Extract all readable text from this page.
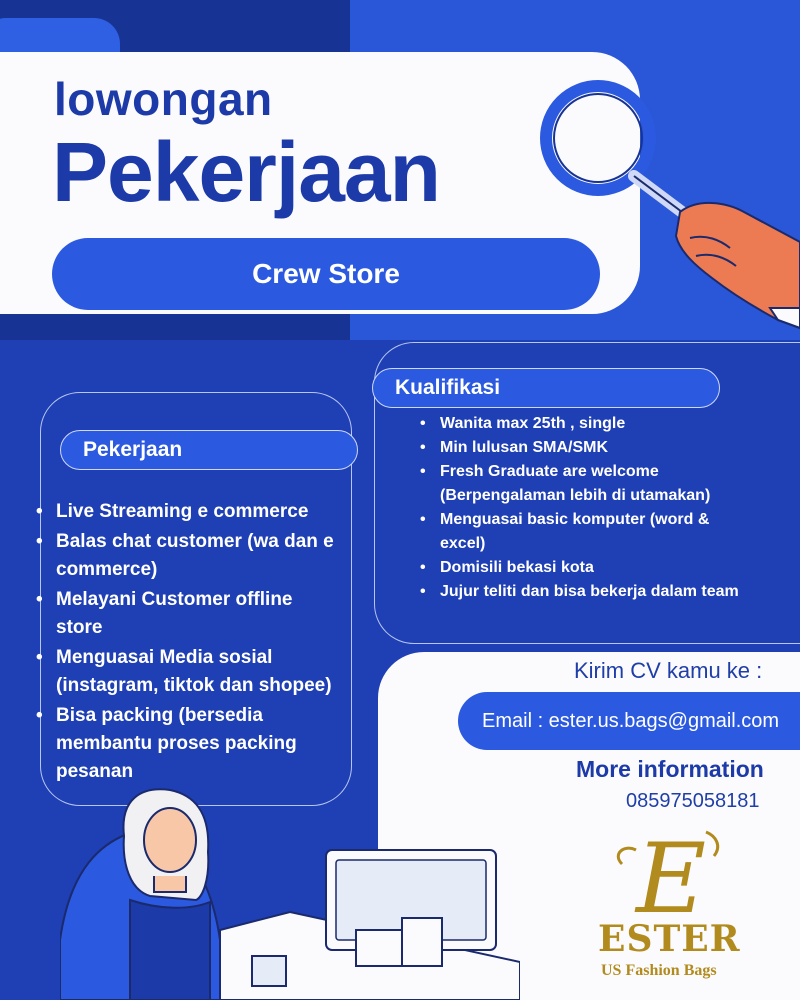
lowongan
Pekerjaan
Crew Store
Pekerjaan
• Live Streaming e commerce
• Balas chat customer (wa dan e commerce)
• Melayani Customer offline store
• Menguasai Media sosial (instagram, tiktok dan shopee)
• Bisa packing (bersedia membantu proses packing pesanan
Kualifikasi
• Wanita max 25th , single
• Min lulusan SMA/SMK
• Fresh Graduate are welcome (Berpengalaman lebih di utamakan)
• Menguasai basic komputer (word & excel)
• Domisili bekasi kota
• Jujur teliti dan bisa bekerja dalam team
Kirim CV kamu ke :
Email : ester.us.bags@gmail.com
More information
085975058181
E
ESTER
US Fashion Bags
